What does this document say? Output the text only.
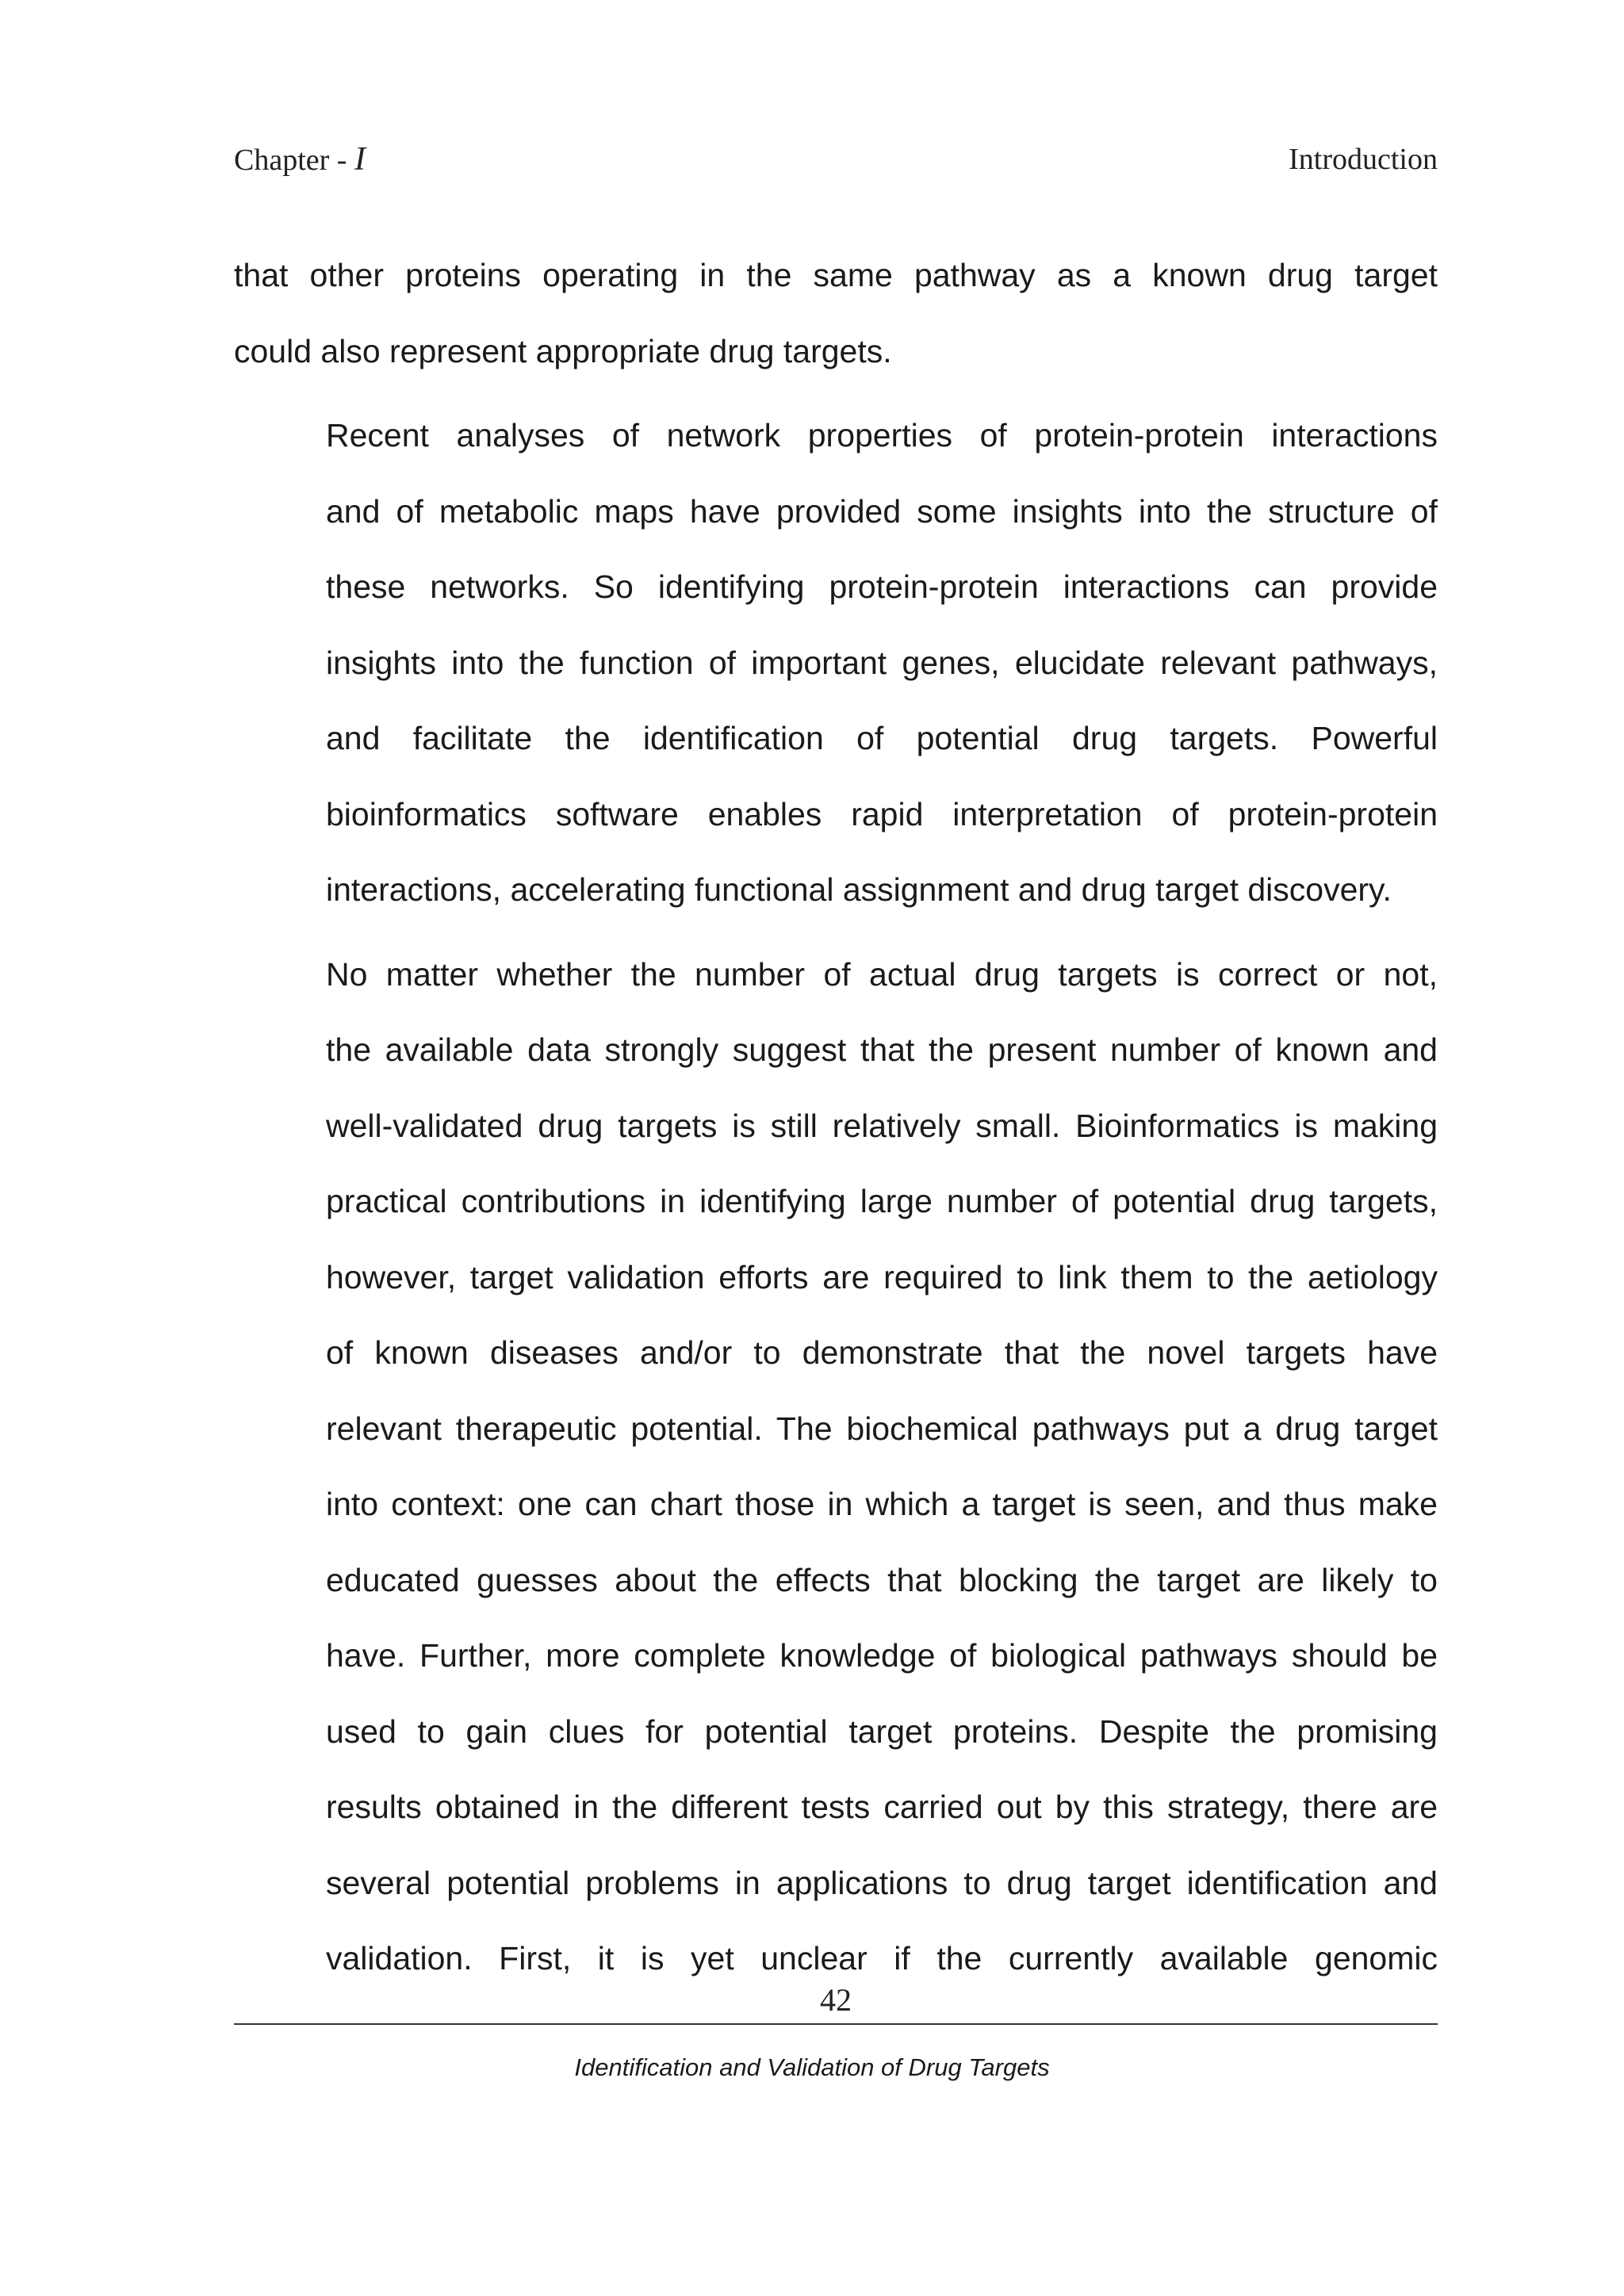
Chapter - I	Introduction
that other proteins operating in the same pathway as a known drug target
could also represent appropriate drug targets.
Recent analyses of network properties of protein-protein interactions
and of metabolic maps have provided some insights into the structure of
these networks. So identifying protein-protein interactions can provide
insights into the function of important genes, elucidate relevant pathways,
and facilitate the identification of potential drug targets. Powerful
bioinformatics software enables rapid interpretation of protein-protein
interactions, accelerating functional assignment and drug target discovery.
No matter whether the number of actual drug targets is correct or not,
the available data strongly suggest that the present number of known and
well-validated drug targets is still relatively small. Bioinformatics is making
practical contributions in identifying large number of potential drug targets,
however, target validation efforts are required to link them to the aetiology
of known diseases and/or to demonstrate that the novel targets have
relevant therapeutic potential. The biochemical pathways put a drug target
into context: one can chart those in which a target is seen, and thus make
educated guesses about the effects that blocking the target are likely to
have. Further, more complete knowledge of biological pathways should be
used to gain clues for potential target proteins. Despite the promising
results obtained in the different tests carried out by this strategy, there are
several potential problems in applications to drug target identification and
validation. First, it is yet unclear if the currently available genomic
42
Identification and Validation of Drug Targets
